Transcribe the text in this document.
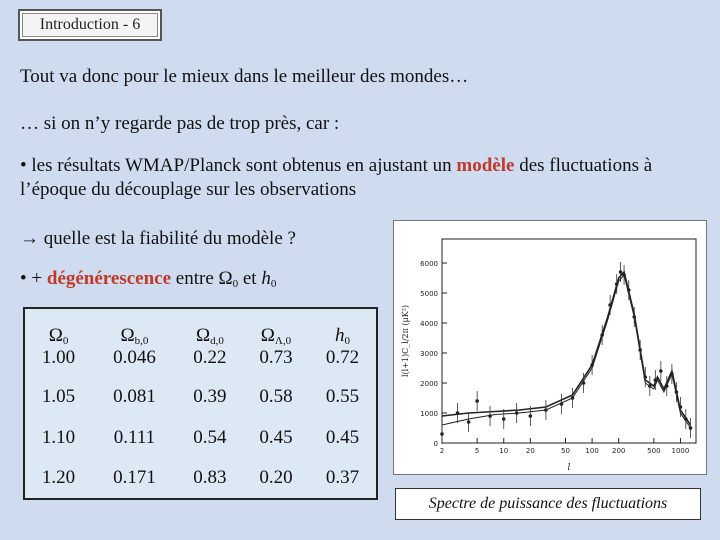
Introduction - 6
Tout va donc pour le mieux dans le meilleur des mondes…
… si on n’y regarde pas de trop près, car :
• les résultats WMAP/Planck sont obtenus en ajustant un modèle des fluctuations à l’époque du découplage sur les observations
→ quelle est la fiabilité du modèle ?
• + dégénérescence entre $\Omega_0$ et $h_0$
$\Omega_0$	$\Omega_{b,0}$	$\Omega_{d,0}$	$\Omega_{\Lambda,0}$	$h_0$
1.00	0.046	0.22	0.73	0.72
1.05	0.081	0.39	0.58	0.55
1.10	0.111	0.54	0.45	0.45
1.20	0.171	0.83	0.20	0.37
0
1000
2000
3000
4000
5000
6000
2	5	10	20	50 100 200	500 1000
l
l(l+1)C_l/2π (μK²)
Spectre de puissance des fluctuations
